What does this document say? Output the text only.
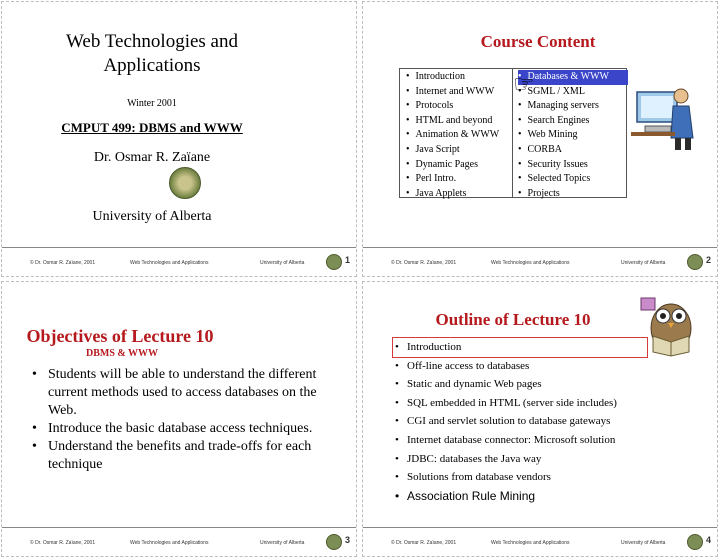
Web Technologies and
Applications
Winter 2001
CMPUT 499: DBMS and WWW
Dr. Osmar R. Zaïane
University of Alberta
© Dr. Osmar R. Zaïane, 2001	Web Technologies and Applications	University of Alberta	1
Course Content
• Introduction
• Internet and WWW
• Protocols
• HTML and beyond
• Animation & WWW
• Java Script
• Dynamic Pages
• Perl Intro.
• Java Applets
• Databases & WWW
• SGML / XML
• Managing servers
• Search Engines
• Web Mining
• CORBA
• Security Issues
• Selected Topics
• Projects
☞
© Dr. Osmar R. Zaïane, 2001	Web Technologies and Applications	University of Alberta	2
Objectives of Lecture 10
DBMS & WWW
• Students will be able to understand the different current methods used to access databases on the Web.
• Introduce the basic database access techniques.
• Understand the benefits and trade-offs for each technique
© Dr. Osmar R. Zaïane, 2001	Web Technologies and Applications	University of Alberta	3
Outline of Lecture 10
• Introduction
• Off-line access to databases
• Static and dynamic Web pages
• SQL embedded in HTML (server side includes)
• CGI and servlet solution to database gateways
• Internet database connector: Microsoft solution
• JDBC: databases the Java way
• Solutions from database vendors
• Association Rule Mining
© Dr. Osmar R. Zaïane, 2001	Web Technologies and Applications	University of Alberta	4
